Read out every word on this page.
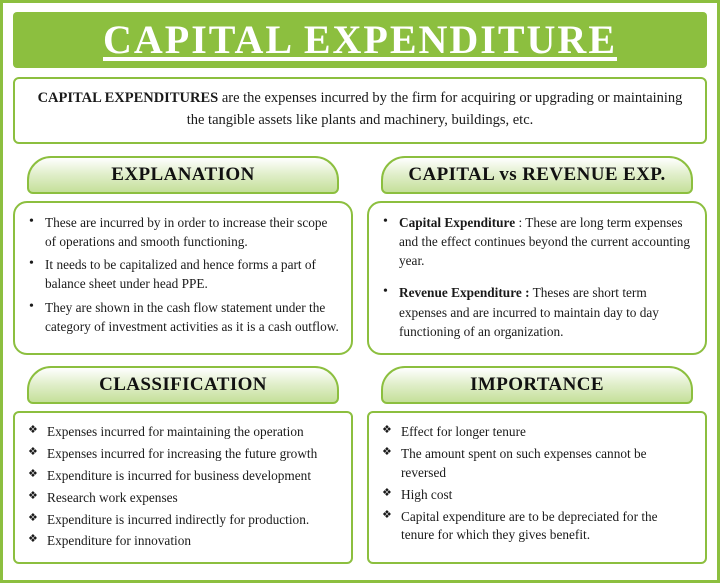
CAPITAL EXPENDITURE
CAPITAL EXPENDITURES are the expenses incurred by the firm for acquiring or upgrading or maintaining the tangible assets like plants and machinery, buildings, etc.
EXPLANATION
• These are incurred by in order to increase their scope of operations and smooth functioning.
• It needs to be capitalized and hence forms a part of balance sheet under head PPE.
• They are shown in the cash flow statement under the category of investment activities as it is a cash outflow.
CAPITAL vs REVENUE EXP.
• Capital Expenditure : These are long term expenses and the effect continues beyond the current accounting year.
• Revenue Expenditure : Theses are short term expenses and are incurred to maintain day to day functioning of an organization.
CLASSIFICATION
❖ Expenses incurred for maintaining the operation
❖ Expenses incurred for increasing the future growth
❖ Expenditure is incurred for business development
❖ Research work expenses
❖ Expenditure is incurred indirectly for production.
❖ Expenditure for innovation
IMPORTANCE
❖ Effect for longer tenure
❖ The amount spent on such expenses cannot be reversed
❖ High cost
❖ Capital expenditure are to be depreciated for the tenure for which they gives benefit.
